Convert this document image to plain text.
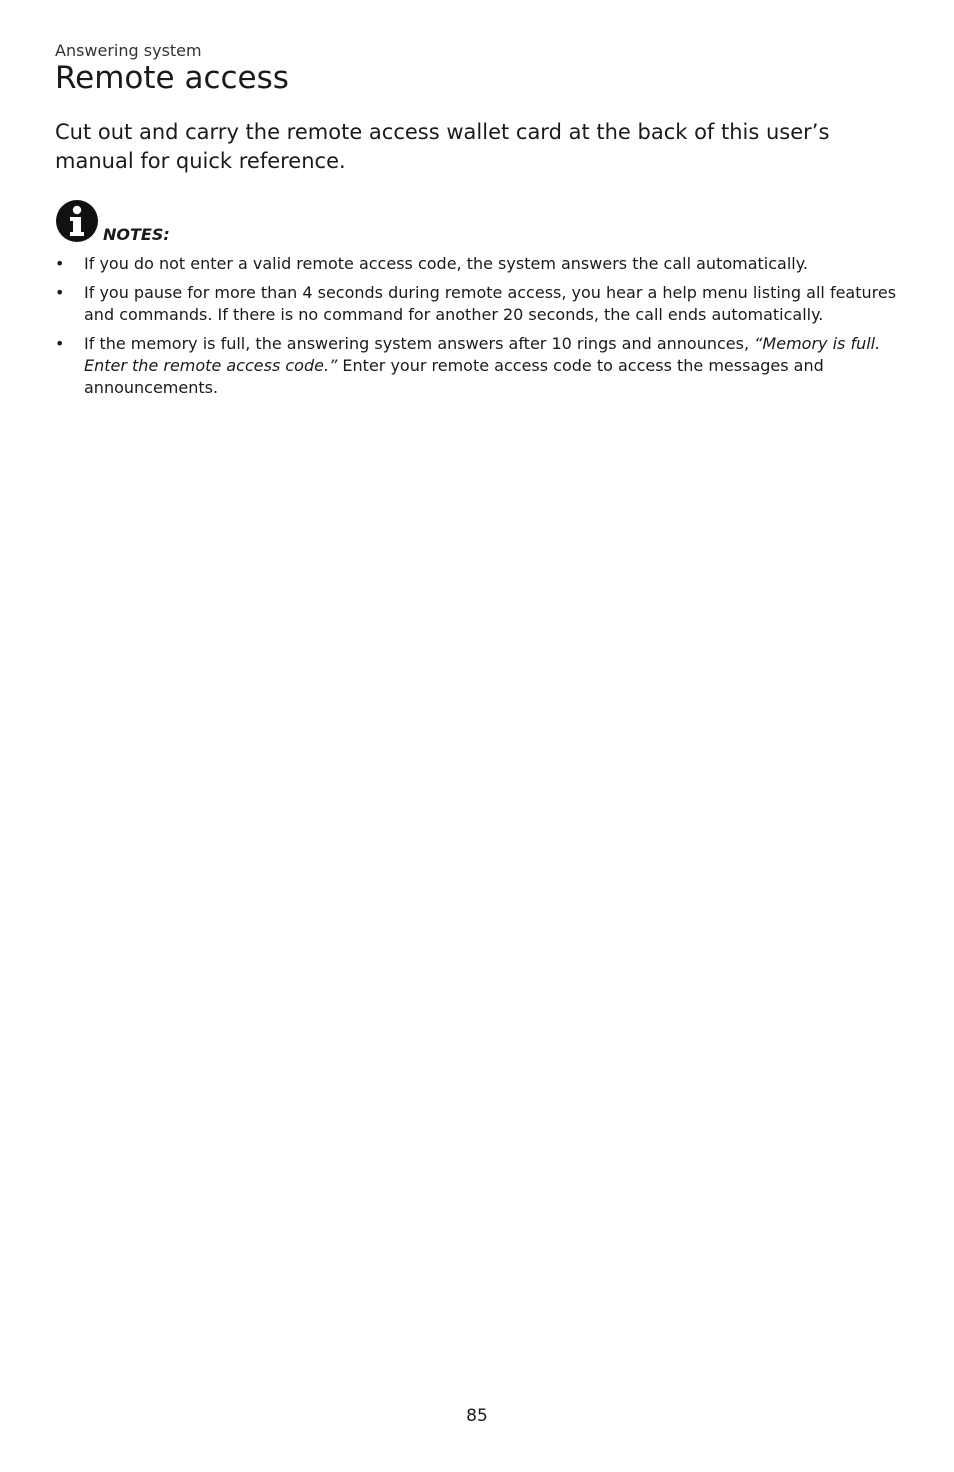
Answering system
Remote access

Cut out and carry the remote access wallet card at the back of this user’s manual for quick reference.

NOTES:
• If you do not enter a valid remote access code, the system answers the call automatically.
• If you pause for more than 4 seconds during remote access, you hear a help menu listing all features and commands. If there is no command for another 20 seconds, the call ends automatically.
• If the memory is full, the answering system answers after 10 rings and announces, “Memory is full. Enter the remote access code.” Enter your remote access code to access the messages and announcements.
85
